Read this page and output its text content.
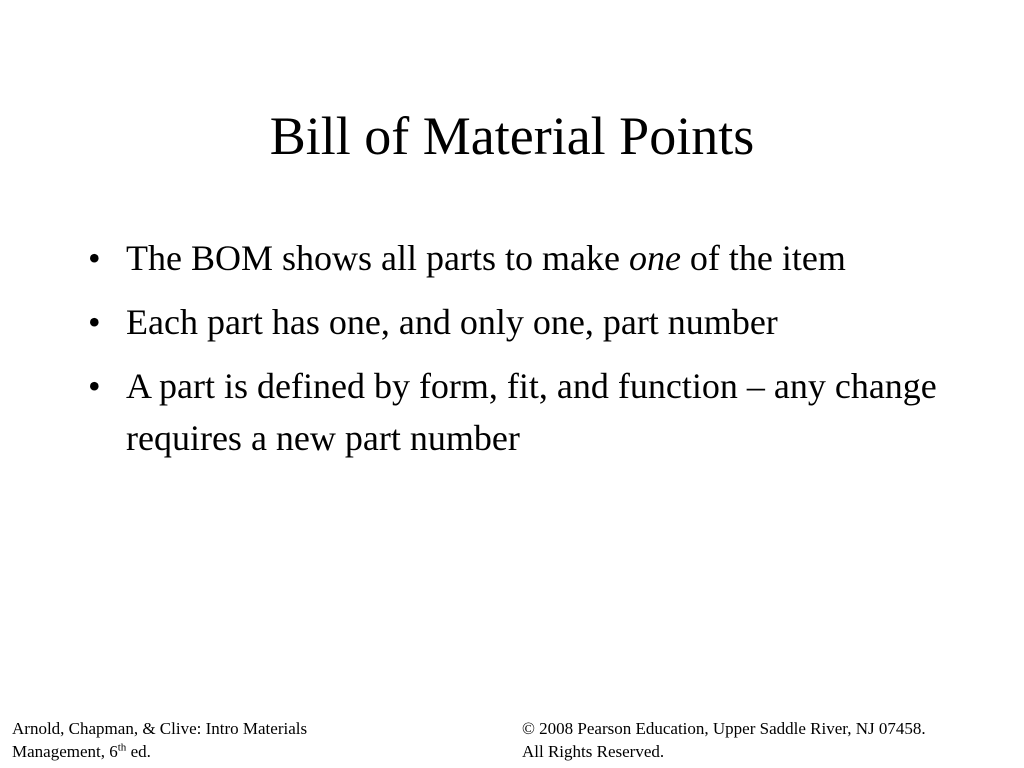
Bill of Material Points
• The BOM shows all parts to make one of the item
• Each part has one, and only one, part number
• A part is defined by form, fit, and function – any change requires a new part number
Arnold, Chapman, & Clive: Intro Materials
Management, 6th ed.
© 2008 Pearson Education, Upper Saddle River, NJ 07458.
All Rights Reserved.
